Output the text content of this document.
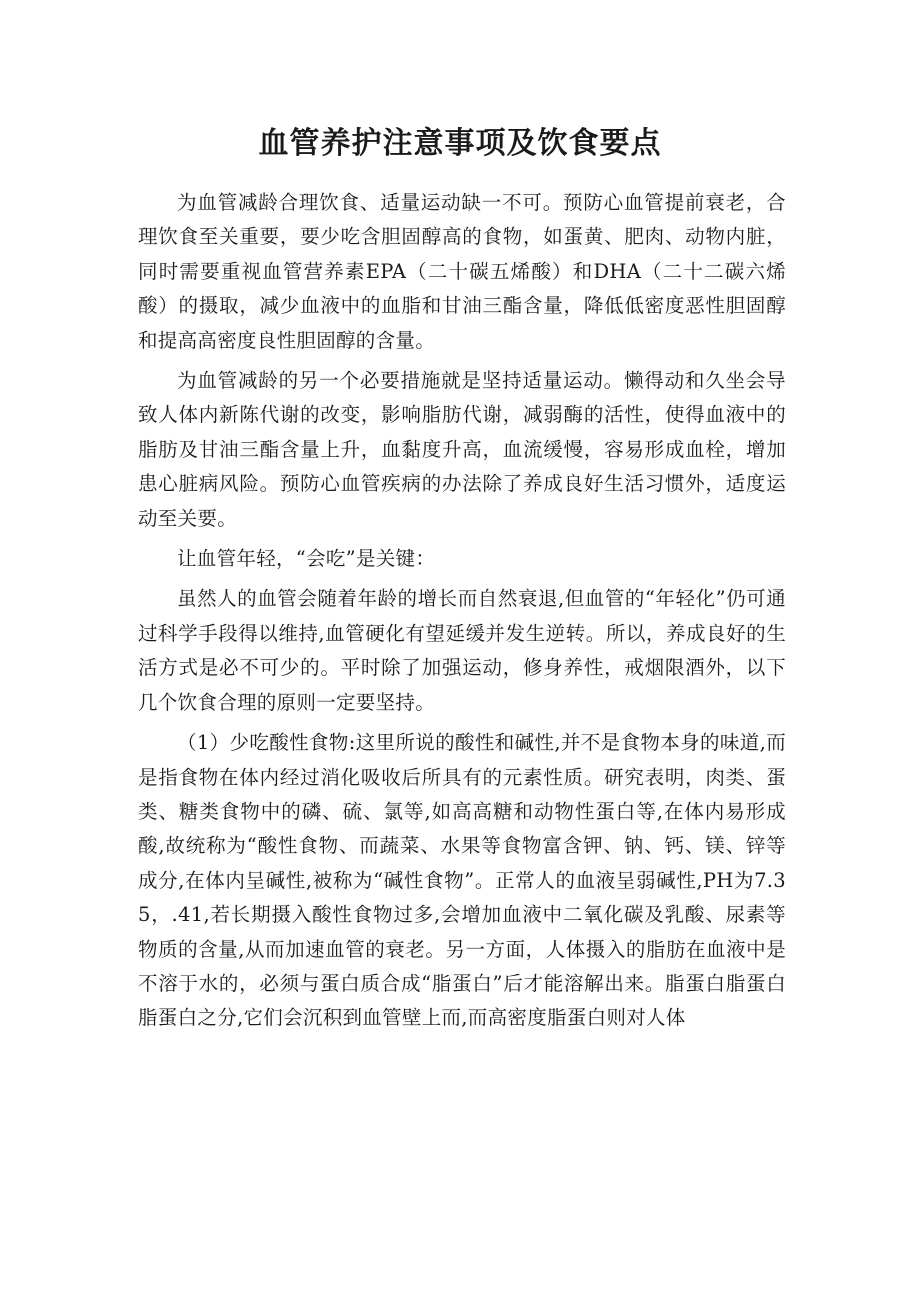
血管养护注意事项及饮食要点

为血管减龄合理饮食、适量运动缺一不可。预防心血管提前衰老，合理饮食至关重要，要少吃含胆固醇高的食物，如蛋黄、肥肉、动物内脏，同时需要重视血管营养素EPA（二十碳五烯酸）和DHA（二十二碳六烯酸）的摄取，减少血液中的血脂和甘油三酯含量，降低低密度恶性胆固醇和提高高密度良性胆固醇的含量。

为血管减龄的另一个必要措施就是坚持适量运动。懒得动和久坐会导致人体内新陈代谢的改变，影响脂肪代谢，减弱酶的活性，使得血液中的脂肪及甘油三酯含量上升，血黏度升高，血流缓慢，容易形成血栓，增加患心脏病风险。预防心血管疾病的办法除了养成良好生活习惯外，适度运动至关要。

让血管年轻，“会吃”是关键：

虽然人的血管会随着年龄的增长而自然衰退,但血管的“年轻化”仍可通过科学手段得以维持,血管硬化有望延缓并发生逆转。所以，养成良好的生活方式是必不可少的。平时除了加强运动，修身养性，戒烟限酒外，以下几个饮食合理的原则一定要坚持。

（1）少吃酸性食物:这里所说的酸性和碱性,并不是食物本身的味道,而是指食物在体内经过消化吸收后所具有的元素性质。研究表明，肉类、蛋类、糖类食物中的磷、硫、氯等,如高高糖和动物性蛋白等,在体内易形成酸,故统称为“酸性食物、而蔬菜、水果等食物富含钾、钠、钙、镁、锌等成分,在体内呈碱性,被称为“碱性食物”。正常人的血液呈弱碱性,PH为7.35，.41,若长期摄入酸性食物过多,会增加血液中二氧化碳及乳酸、尿素等物质的含量,从而加速血管的衰老。另一方面，人体摄入的脂肪在血液中是不溶于水的，必须与蛋白质合成“脂蛋白”后才能溶解出来。脂蛋白脂蛋白脂蛋白之分,它们会沉积到血管壁上而,而高密度脂蛋白则对人体
